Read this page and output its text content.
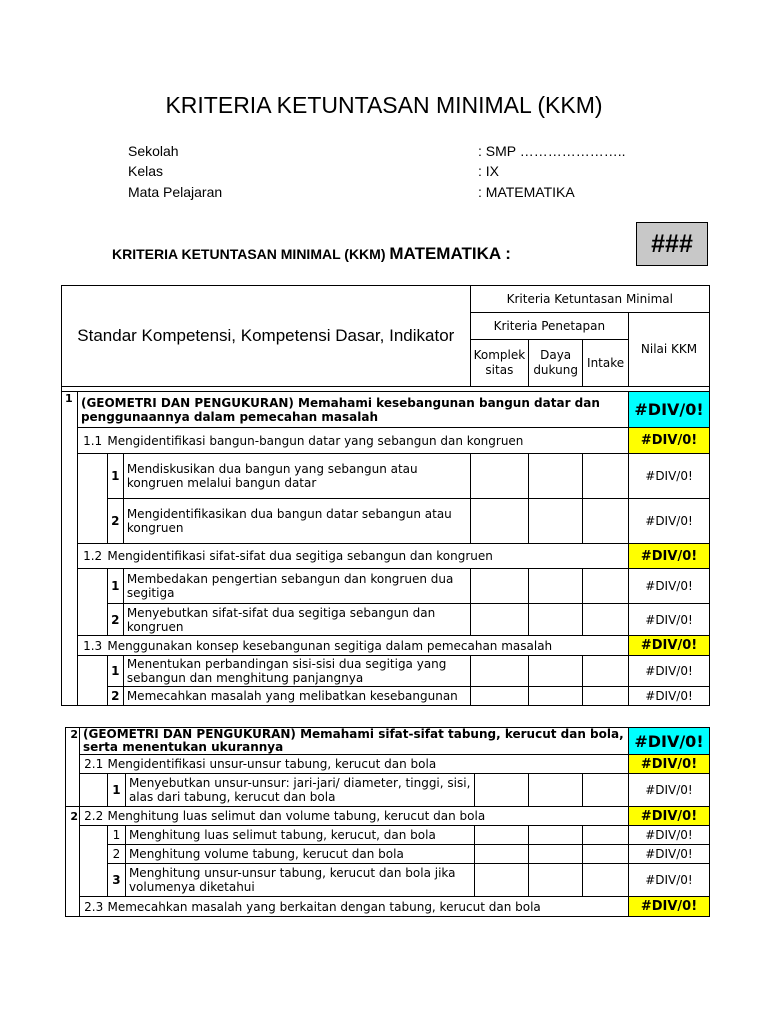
KRITERIA KETUNTASAN MINIMAL (KKM)
Sekolah	: SMP …………………..
Kelas	: IX
Mata Pelajaran	: MATEMATIKA
KRITERIA KETUNTASAN MINIMAL (KKM) MATEMATIKA :	###
Standar Kompetensi, Kompetensi Dasar, Indikator				Kriteria Ketuntasan Minimal			
				Kriteria Penetapan			Nilai KKM
				Komplek sitas	Daya dukung	Intake	

1	(GEOMETRI DAN PENGUKURAN) Memahami kesebangunan bangun datar dan penggunaannya dalam pemecahan masalah						#DIV/0!
	1.1	Mengidentifikasi bangun-bangun datar yang sebangun dan kongruen					#DIV/0!
		1	Mendiskusikan dua bangun yang sebangun atau kongruen melalui bangun datar				#DIV/0!
		2	Mengidentifikasikan dua bangun datar sebangun atau kongruen				#DIV/0!
	1.2	Mengidentifikasi sifat-sifat dua segitiga sebangun dan kongruen					#DIV/0!
		1	Membedakan pengertian sebangun dan kongruen dua segitiga				#DIV/0!
		2	Menyebutkan sifat-sifat dua segitiga sebangun dan kongruen				#DIV/0!
	1.3	Menggunakan konsep kesebangunan segitiga dalam pemecahan masalah					#DIV/0!
		1	Menentukan perbandingan sisi-sisi dua segitiga yang sebangun dan menghitung panjangnya				#DIV/0!
		2	Memecahkan masalah yang melibatkan kesebangunan				#DIV/0!
2	(GEOMETRI DAN PENGUKURAN) Memahami sifat-sifat tabung, kerucut dan bola, serta menentukan ukurannya						#DIV/0!
	2.1	Mengidentifikasi unsur-unsur tabung, kerucut dan bola					#DIV/0!
		1	Menyebutkan unsur-unsur: jari-jari/ diameter, tinggi, sisi, alas dari tabung, kerucut dan bola				#DIV/0!
2	2.2	Menghitung luas selimut dan volume tabung, kerucut dan bola					#DIV/0!
		1	Menghitung luas selimut tabung, kerucut, dan bola				#DIV/0!
		2	Menghitung volume tabung, kerucut dan bola				#DIV/0!
		3	Menghitung unsur-unsur tabung, kerucut dan bola jika volumenya diketahui				#DIV/0!
	2.3	Memecahkan masalah yang berkaitan dengan tabung, kerucut dan bola					#DIV/0!
